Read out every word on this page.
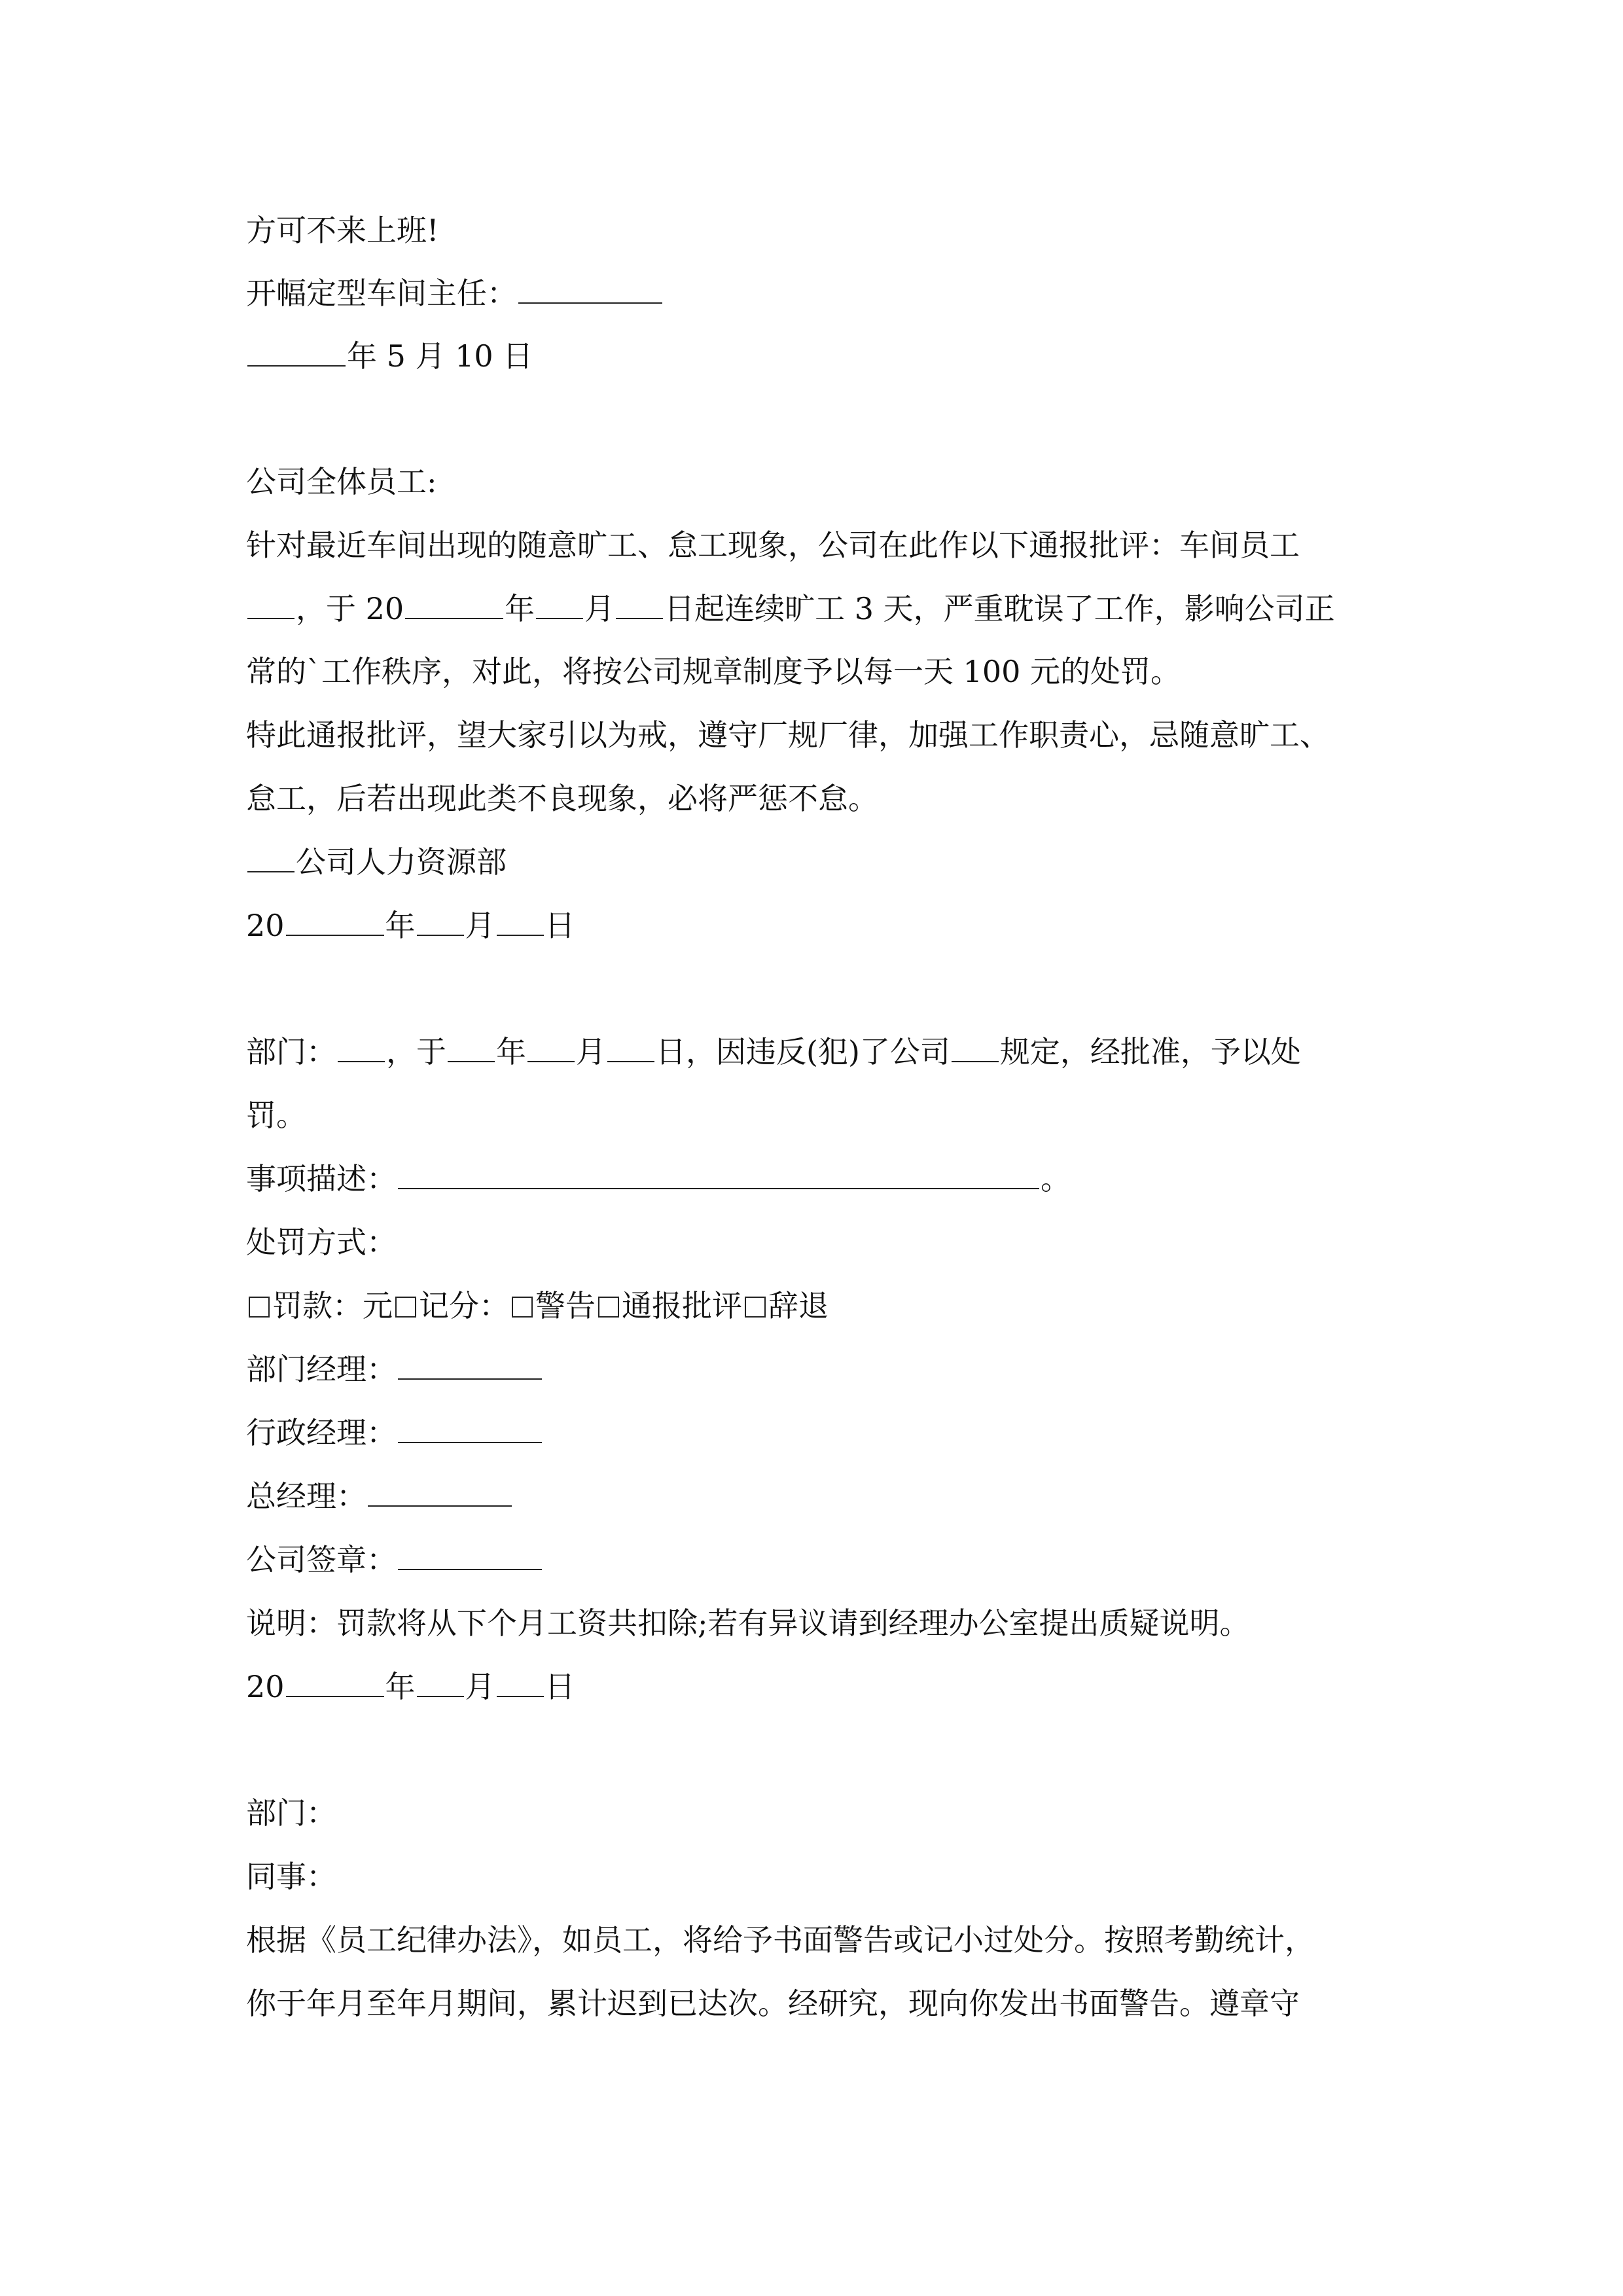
方可不来上班!
开幅定型车间主任：
年 5 月 10 日
公司全体员工:
针对最近车间出现的随意旷工、怠工现象，公司在此作以下通报批评：车间员工
，于 20	年 月 日起连续旷工 3 天，严重耽误了工作，影响公司正
常的`工作秩序，对此，将按公司规章制度予以每一天 100 元的处罚。
特此通报批评，望大家引以为戒，遵守厂规厂律，加强工作职责心，忌随意旷工、
怠工，后若出现此类不良现象，必将严惩不怠。
公司人力资源部
20	年 月 日
部门： ，于 年 月 日，因违反(犯)了公司 规定，经批准，予以处
罚。
事项描述：	。
处罚方式：
罚款：元 记分： 警告 通报批评 辞退
部门经理：
行政经理：
总经理：
公司签章：
说明：罚款将从下个月工资共扣除;若有异议请到经理办公室提出质疑说明。
20	年 月 日
部门：
同事：
根据《员工纪律办法》，如员工，将给予书面警告或记小过处分。按照考勤统计，
你于年月至年月期间，累计迟到已达次。经研究，现向你发出书面警告。遵章守
